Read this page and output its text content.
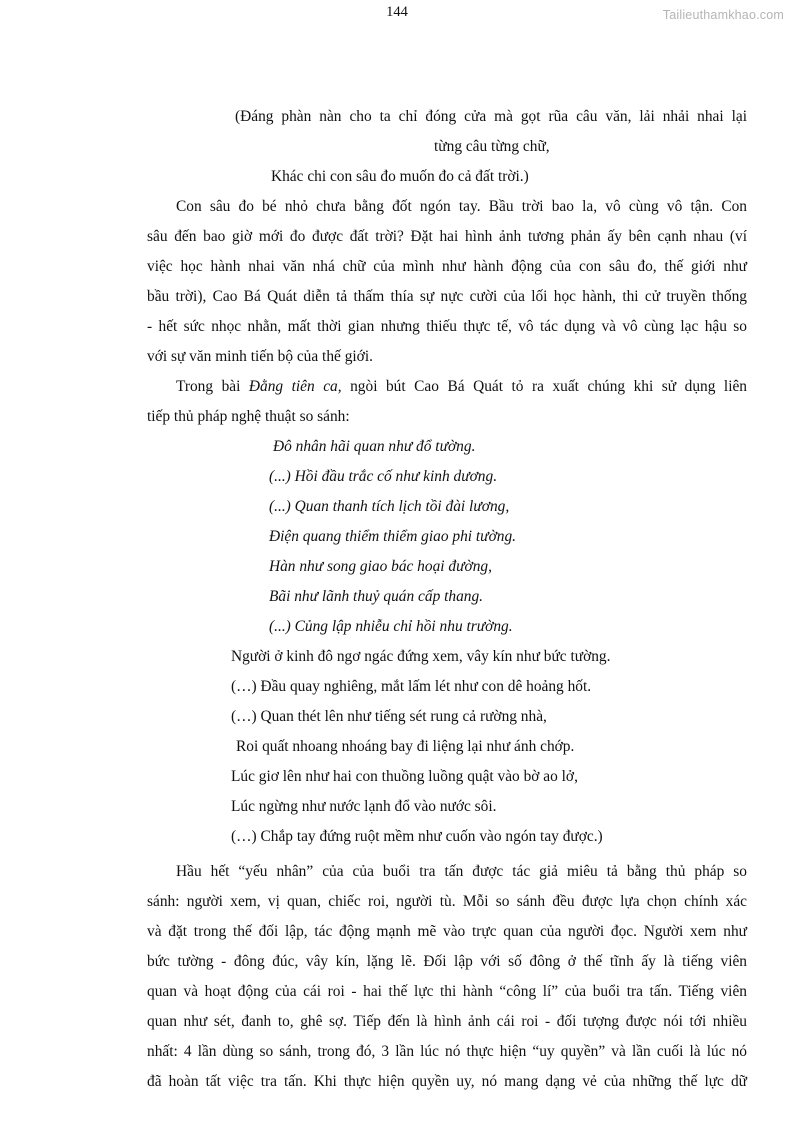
144	Tailieuthamkhao.com
(Đáng phàn nàn cho ta chỉ đóng cửa mà gọt rũa câu văn, lải nhải nhai lại
từng câu từng chữ,
Khác chi con sâu đo muốn đo cả đất trời.)
Con sâu đo bé nhỏ chưa bằng đốt ngón tay. Bầu trời bao la, vô cùng vô tận. Con
sâu đến bao giờ mới đo được đất trời? Đặt hai hình ảnh tương phản ấy bên cạnh nhau (ví
việc học hành nhai văn nhá chữ của mình như hành động của con sâu đo, thế giới như
bầu trời), Cao Bá Quát diễn tả thấm thía sự nực cười của lối học hành, thi cử truyền thống
- hết sức nhọc nhằn, mất thời gian nhưng thiếu thực tế, vô tác dụng và vô cùng lạc hậu so
với sự văn minh tiến bộ của thế giới.
Trong bài Đằng tiên ca, ngòi bút Cao Bá Quát tỏ ra xuất chúng khi sử dụng liên
tiếp thủ pháp nghệ thuật so sánh:
Đô nhân hãi quan như đổ tường.
(...) Hồi đầu trắc cố như kinh dương.
(...) Quan thanh tích lịch tồi đài lương,
Điện quang thiểm thiểm giao phi tường.
Hàn như song giao bác hoại đường,
Bãi như lãnh thuỷ quán cấp thang.
(...) Củng lập nhiễu chỉ hồi nhu trường.
Người ở kinh đô ngơ ngác đứng xem, vây kín như bức tường.
(…) Đầu quay nghiêng, mắt lấm lét như con dê hoảng hốt.
(…) Quan thét lên như tiếng sét rung cả rường nhà,
Roi quất nhoang nhoáng bay đi liệng lại như ánh chớp.
Lúc giơ lên như hai con thuồng luồng quật vào bờ ao lở,
Lúc ngừng như nước lạnh đổ vào nước sôi.
(…) Chắp tay đứng ruột mềm như cuốn vào ngón tay được.)
Hầu hết “yếu nhân” của của buổi tra tấn được tác giả miêu tả bằng thủ pháp so
sánh: người xem, vị quan, chiếc roi, người tù. Mỗi so sánh đều được lựa chọn chính xác
và đặt trong thế đối lập, tác động mạnh mẽ vào trực quan của người đọc. Người xem như
bức tường - đông đúc, vây kín, lặng lẽ. Đối lập với số đông ở thế tĩnh ấy là tiếng viên
quan và hoạt động của cái roi - hai thế lực thi hành “công lí” của buổi tra tấn. Tiếng viên
quan như sét, đanh to, ghê sợ. Tiếp đến là hình ảnh cái roi - đối tượng được nói tới nhiều
nhất: 4 lần dùng so sánh, trong đó, 3 lần lúc nó thực hiện “uy quyền” và lần cuối là lúc nó
đã hoàn tất việc tra tấn. Khi thực hiện quyền uy, nó mang dạng vẻ của những thế lực dữ
